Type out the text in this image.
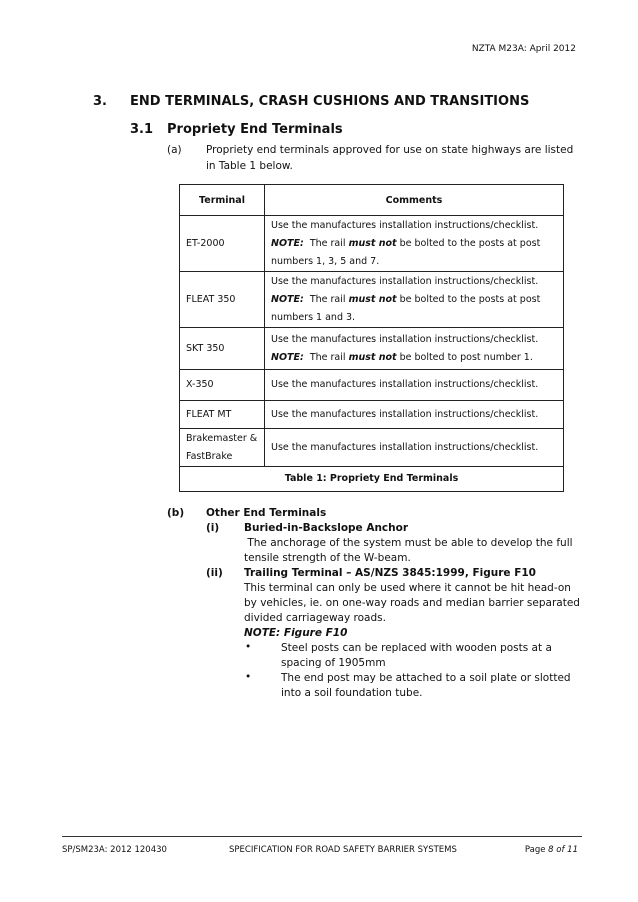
NZTA M23A: April 2012
3. END TERMINALS, CRASH CUSHIONS AND TRANSITIONS
3.1 Propriety End Terminals
(a) Propriety end terminals approved for use on state highways are listed
in Table 1 below.
Terminal	Comments
ET-2000	Use the manufactures installation instructions/checklist.
NOTE:  The rail must not be bolted to the posts at post
numbers 1, 3, 5 and 7.

FLEAT 350	Use the manufactures installation instructions/checklist.
NOTE:  The rail must not be bolted to the posts at post
numbers 1 and 3.

SKT 350	Use the manufactures installation instructions/checklist.
NOTE:  The rail must not be bolted to post number 1.

X-350	Use the manufactures installation instructions/checklist.
FLEAT MT	Use the manufactures installation instructions/checklist.

Brakemaster &
FastBrake	Use the manufactures installation instructions/checklist.
Table 1: Propriety End Terminals	
(b) Other End Terminals
(i) Buried-in-Backslope Anchor
The anchorage of the system must be able to develop the full
tensile strength of the W-beam.
(ii) Trailing Terminal – AS/NZS 3845:1999, Figure F10
This terminal can only be used where it cannot be hit head-on
by vehicles, ie. on one-way roads and median barrier separated
divided carriageway roads.
NOTE: Figure F10
•	Steel posts can be replaced with wooden posts at a
spacing of 1905mm
•	The end post may be attached to a soil plate or slotted
into a soil foundation tube.
SP/SM23A: 2012 120430	SPECIFICATION FOR ROAD SAFETY BARRIER SYSTEMS	Page 8 of 11
